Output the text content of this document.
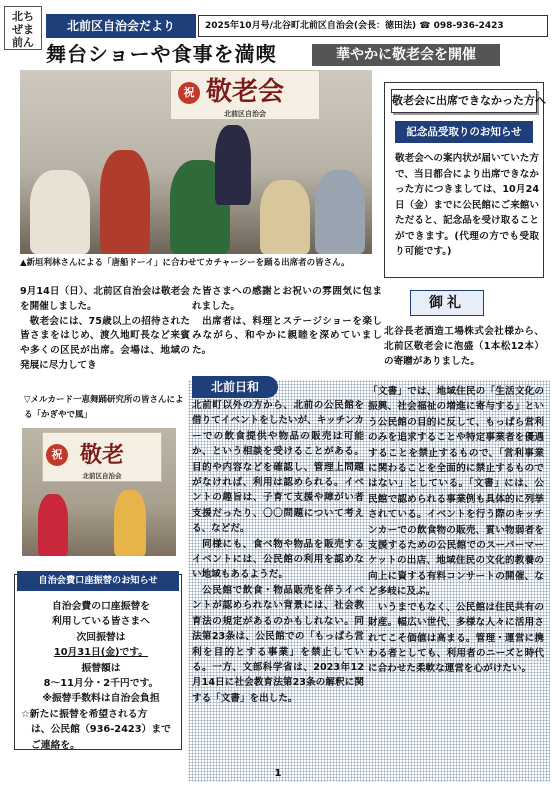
北ち
ぜま
前ん
北前区自治会だより	2025年10月号/北谷町北前区自治会(会長：徳田法) ☎ 098-936-2423
舞台ショーや食事を満喫	華やかに敬老会を開催
敬老会
北前区自治会
祝
▲新垣利林さんによる「唐船ドーイ」に合わせてカチャーシーを踊る出席者の皆さん。
9月14日（日）、北前区自治会は敬老会を開催しました。
　敬老会には、75歳以上の招待された皆さまをはじめ、渡久地町長など来賓や多くの区民が出席。会場は、地域の発展に尽力してき
た皆さまへの感謝とお祝いの雰囲気に包まれました。
　出席者は、料理とステージショーを楽しみながら、和やかに親睦を深めていました。
敬老会に出席できなかった方へ
記念品受取りのお知らせ
敬老会への案内状が届いていた方で、当日都合により出席できなかった方につきましては、10月24日（金）までに公民館にご来館いただると、記念品を受け取ることができます。(代理の方でも受取り可能です。)
御礼
北谷長老酒造工場株式会社様から、北前区敬老会に泡盛（1本松12本）の寄贈がありました。
北前日和
北前町以外の方から、北前の公民館を借りてイベントをしたいが、キッチンカーでの飲食提供や物品の販売は可能か、という相談を受けることがある。目的や内容などを確認し、管理上問題がなければ、利用は認められる。イベントの趣旨は、子育て支援や障がい者支援だったり、〇〇問題について考える、などだ。
　同様にも、食べ物や物品を販売するイベントには、公民館の利用を認めない地域もあるようだ。
　公民館で飲食・物品販売を伴うイベントが認められない背景には、社会教育法の規定があるのかもしれない。同法第23条は、公民館での「もっぱら営利を目的とする事業」を禁止している。一方、文部科学省は、2023年12月14日に社会教育法第23条の解釈に関する「文書」を出した。
「文書」では、地域住民の「生活文化の振興、社会福祉の増進に寄与する」という公民館の目的に反して、もっぱら営利のみを追求することや特定事業者を優遇することを禁止するもので、「営利事業に関わることを全面的に禁止するものではない」としている。「文書」には、公民館で認められる事業例も具体的に列挙されている。イベントを行う際のキッチンカーでの飲食物の販売、質い物弱者を支援するための公民館でのスーパーマーケットの出店、地域住民の文化的教養の向上に資する有料コンサートの開催、など多岐に及ぶ。
　いうまでもなく、公民館は住民共有の財産。幅広い世代、多様な人々に活用されてこそ価値は高まる。管理・運営に携わる者としても、利用者のニーズと時代に合わせた柔軟な運営を心がけたい。
▽メルカード一恵舞踊研究所の皆さんによる「かぎやで風」
敬老
北前区自治会
祝
自治会費口座振替のお知らせ
自治会費の口座振替を
利用している皆さまへ
次回振替は
10月31日(金)です。
振替額は
8～11月分・2千円です。
※振替手数料は自治会負担
☆新たに振替を希望される方
は、公民館（936-2423）まで ご連絡を。
1
